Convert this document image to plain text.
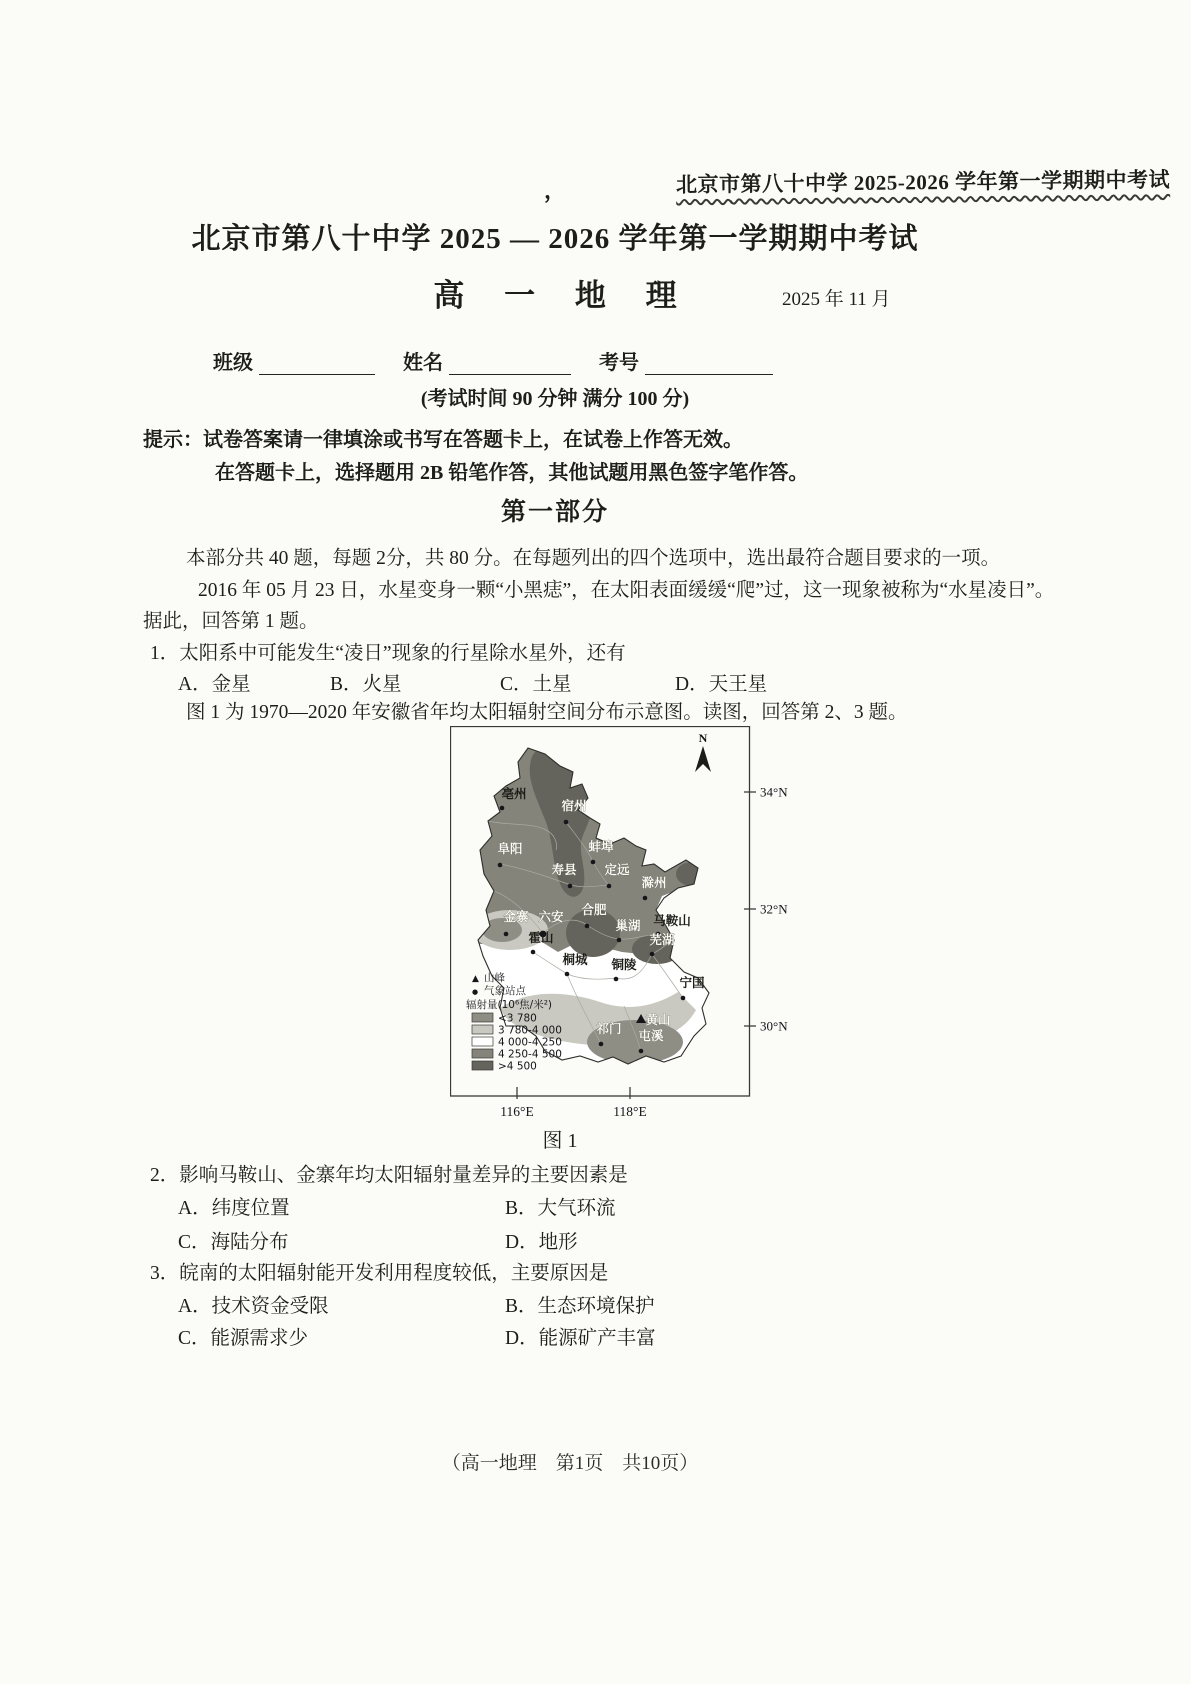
，	北京市第八十中学 2025-2026 学年第一学期期中考试
北京市第八十中学 2025 — 2026 学年第一学期期中考试
高 一 地 理	2025 年 11 月
班级	姓名	考号
(考试时间 90 分钟 满分 100 分)
提示：试卷答案请一律填涂或书写在答题卡上，在试卷上作答无效。
在答题卡上，选择题用 2B 铅笔作答，其他试题用黑色签字笔作答。
第一部分
本部分共 40 题，每题 2分，共 80 分。在每题列出的四个选项中，选出最符合题目要求的一项。
2016 年 05 月 23 日，水星变身一颗“小黑痣”，在太阳表面缓缓“爬”过，这一现象被称为“水星凌日”。
据此，回答第 1 题。
1．太阳系中可能发生“凌日”现象的行星除水星外，还有
A．金星	B．火星	C．土星	D．天王星
图 1 为 1970—2020 年安徽省年均太阳辐射空间分布示意图。读图，回答第 2、3 题。
亳州
宿州
阜阳	蚌埠
寿县 定远
滁州
金寨 六安 合肥
巢湖 马鞍山
芜湖
霍山
桐城 铜陵
宁国
黄山
祁门 屯溪
▲ 山峰
● 气象站点
辐射量(10⁶焦/米²)
<3 780
3 780-4 000
4 000-4 250
4 250-4 500
>4 500
34°N
32°N
30°N
116°E	118°E
N
图 1
2．影响马鞍山、金寨年均太阳辐射量差异的主要因素是
A．纬度位置	B．大气环流
C．海陆分布	D．地形
3．皖南的太阳辐射能开发利用程度较低，主要原因是
A．技术资金受限	B．生态环境保护
C．能源需求少	D．能源矿产丰富
（高一地理　第1页　共10页）
